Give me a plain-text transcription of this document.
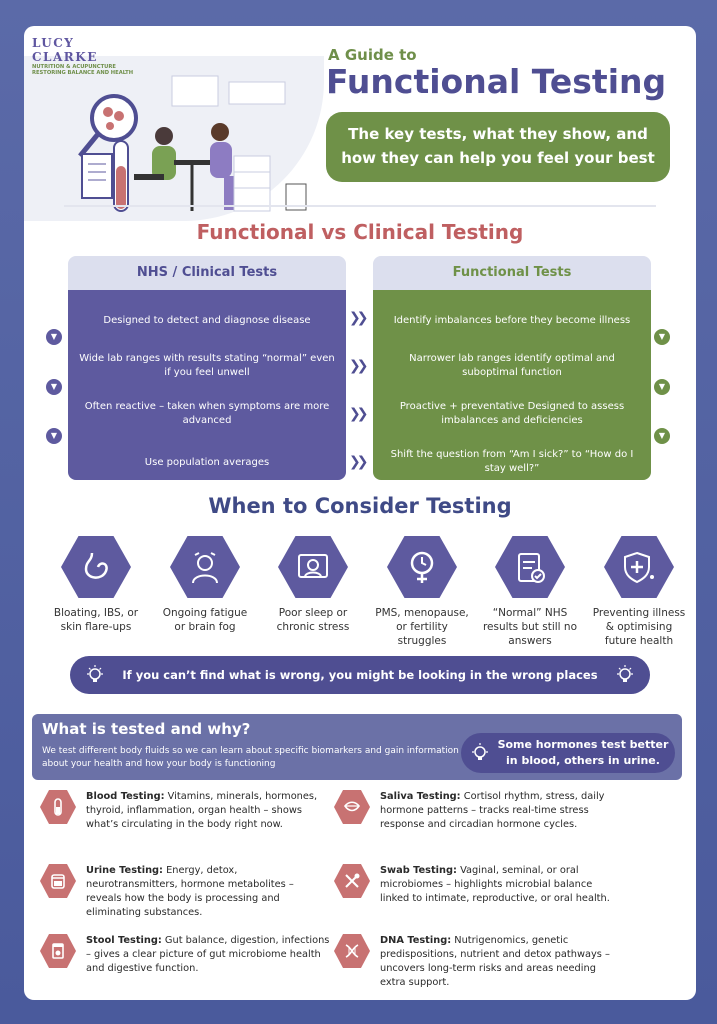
LUCY CLARKE
NUTRITION & ACUPUNCTURE
RESTORING BALANCE AND HEALTH
A Guide to
Functional Testing
The key tests, what they show, and
how they can help you feel your best
Functional vs Clinical Testing
NHS / Clinical Tests
Designed to detect and diagnose disease
Wide lab ranges with results stating “normal” even if you feel unwell
Often reactive – taken when symptoms are more advanced
Use population averages
Functional Tests
Identify imbalances before they become illness
Narrower lab ranges identify optimal and suboptimal function
Proactive + preventative Designed to assess imbalances and deficiencies
Shift the question from “Am I sick?” to “How do I stay well?”
❯❯
❯❯
❯❯
❯❯
▼
▼
▼
▼
▼
▼
When to Consider Testing
Bloating, IBS, or skin flare-ups
Ongoing fatigue or brain fog
Poor sleep or chronic stress
PMS, menopause, or fertility struggles
“Normal” NHS results but still no answers
Preventing illness & optimising future health
If you can’t find what is wrong, you might be looking in the wrong places
What is tested and why?
We test different body fluids so we can learn about specific biomarkers and gain information about your health and how your body is functioning
Some hormones test better in blood, others in urine.
Blood Testing: Vitamins, minerals, hormones, thyroid, inflammation, organ health – shows what’s circulating in the body right now.
Saliva Testing: Cortisol rhythm, stress, daily hormone patterns – tracks real-time stress response and circadian hormone cycles.
Urine Testing: Energy, detox, neurotransmitters, hormone metabolites – reveals how the body is processing and eliminating substances.
Swab Testing: Vaginal, seminal, or oral microbiomes – highlights microbial balance linked to intimate, reproductive, or oral health.
Stool Testing: Gut balance, digestion, infections – gives a clear picture of gut microbiome health and digestive function.
DNA Testing: Nutrigenomics, genetic predispositions, nutrient and detox pathways – uncovers long-term risks and areas needing extra support.
